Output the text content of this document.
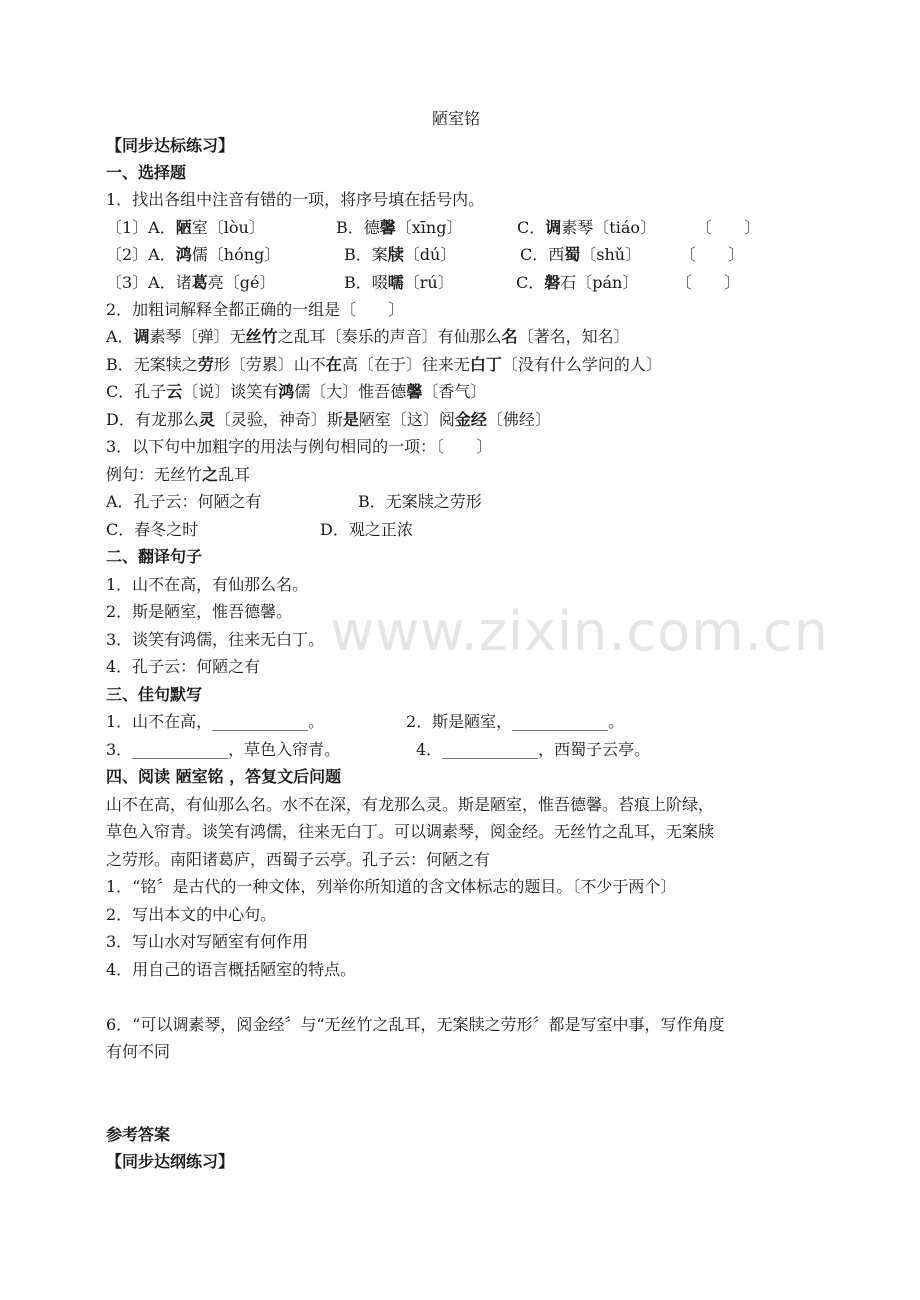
陋室铭
【同步达标练习】
一、选择题
1．找出各组中注音有错的一项，将序号填在括号内。
〔1〕A．陋室〔lòu〕	B．德馨〔xīng〕	C．调素琴〔tiáo〕	〔　　〕
〔2〕A．鸿儒〔hóng〕	B．案牍〔dú〕	C．西蜀〔shǔ〕 〔　　〕
〔3〕A．诸葛亮〔gé〕	B．啜嚅〔rú〕	C．磐石〔pán〕 〔　　〕
2．加粗词解释全都正确的一组是〔　　〕
A．调素琴〔弹〕无丝竹之乱耳〔奏乐的声音〕有仙那么名〔著名，知名〕
B．无案犊之劳形〔劳累〕山不在高〔在于〕往来无白丁〔没有什么学问的人〕
C．孔子云〔说〕谈笑有鸿儒〔大〕惟吾德馨〔香气〕
D．有龙那么灵〔灵验，神奇〕斯是陋室〔这〕阅金经〔佛经〕
3．以下句中加粗字的用法与例句相同的一项：〔　　〕
例句：无丝竹之乱耳
A．孔子云：何陋之有	B．无案牍之劳形
C．春冬之时	D．观之正浓
二、翻译句子
1．山不在高，有仙那么名。
2．斯是陋室，惟吾德馨。
3．谈笑有鸿儒，往来无白丁。
4．孔子云：何陋之有
三、佳句默写
1．山不在高，____________。	2．斯是陋室，____________。
3．____________，草色入帘青。	4．____________，西蜀子云亭。
四、阅读 陋室铭 ，答复文后问题
山不在高，有仙那么名。水不在深，有龙那么灵。斯是陋室，惟吾德馨。苔痕上阶绿，
草色入帘青。谈笑有鸿儒，往来无白丁。可以调素琴，阅金经。无丝竹之乱耳，无案牍
之劳形。南阳诸葛庐，西蜀子云亭。孔子云：何陋之有
1．“铭〞是古代的一种文体，列举你所知道的含文体标志的题目。〔不少于两个〕
2．写出本文的中心句。
3．写山水对写陋室有何作用
4．用自己的语言概括陋室的特点。
6．“可以调素琴，阅金经〞与“无丝竹之乱耳，无案牍之劳形〞都是写室中事，写作角度
有何不同
参考答案
【同步达纲练习】
www.zixin.com.cn
